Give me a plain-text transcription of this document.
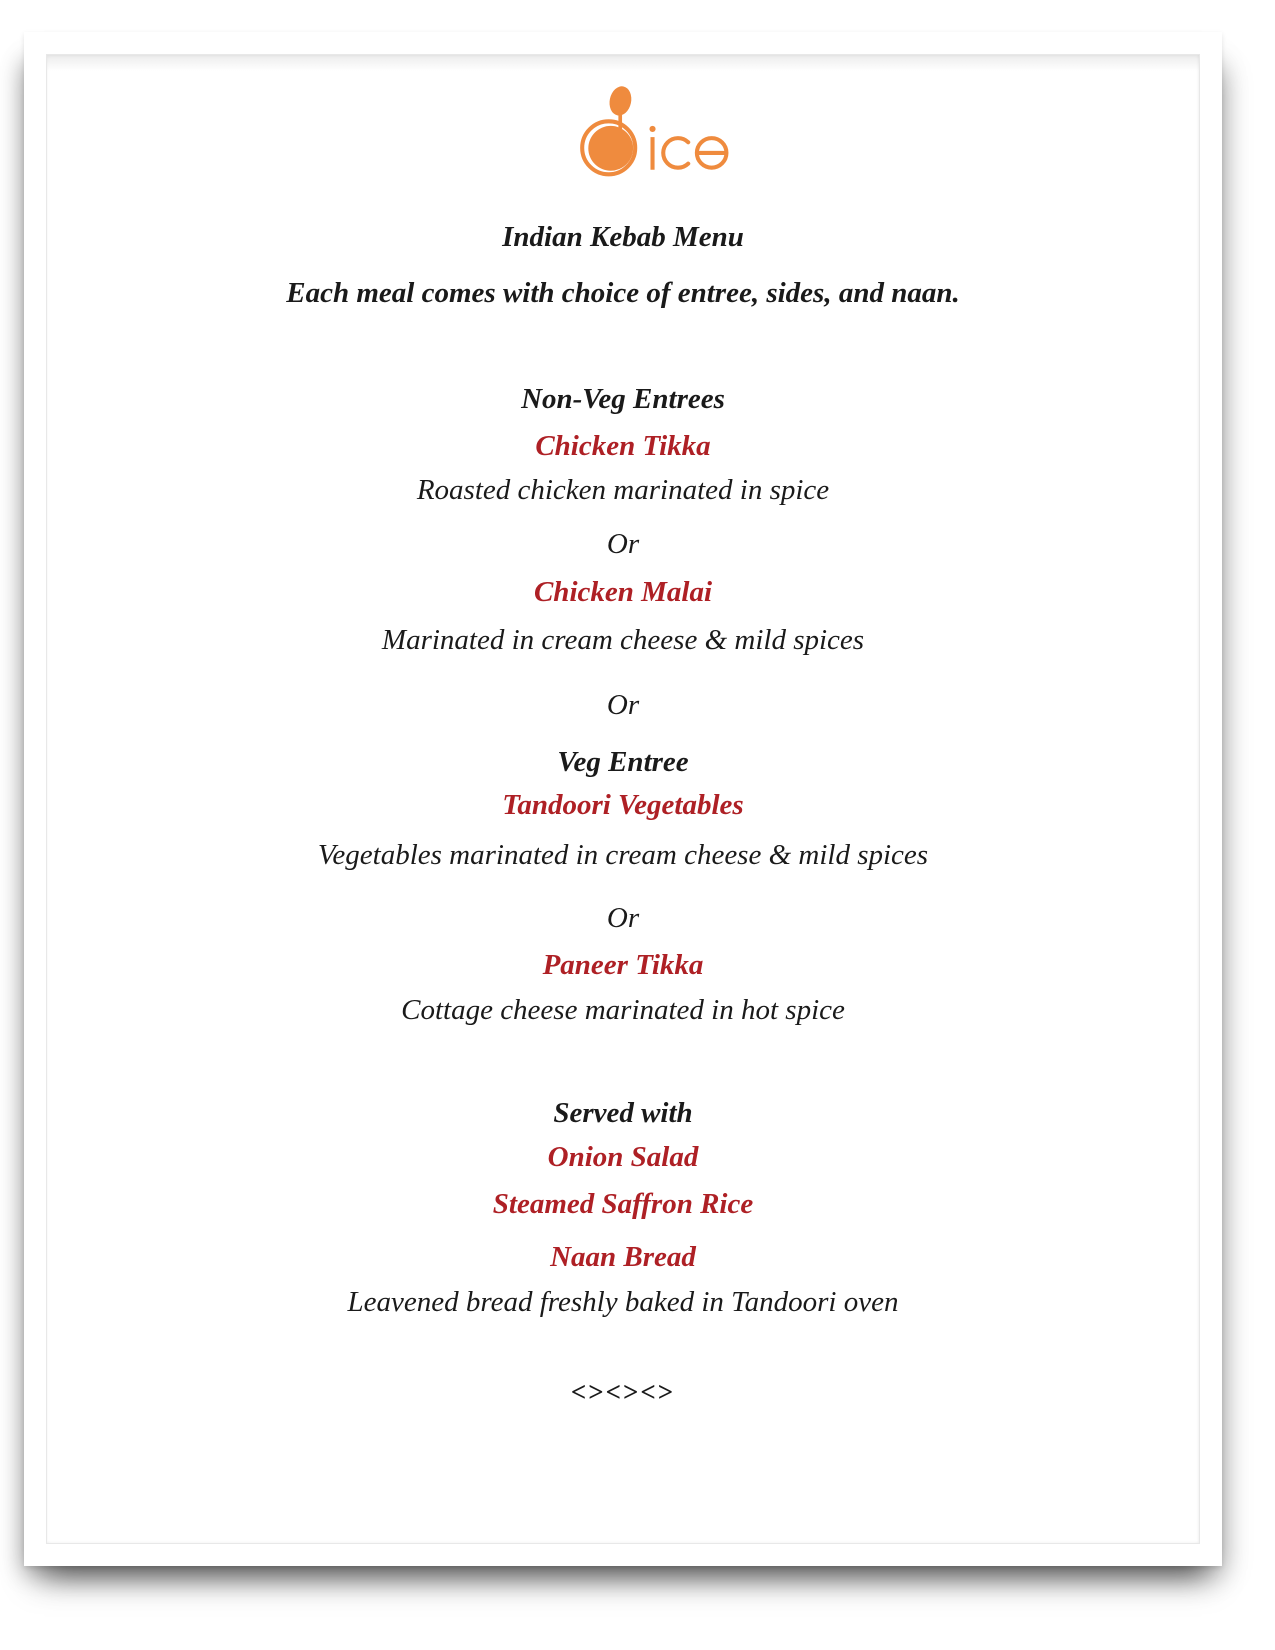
Indian Kebab Menu
Each meal comes with choice of entree, sides, and naan.
Non-Veg Entrees
Chicken Tikka
Roasted chicken marinated in spice
Or
Chicken Malai
Marinated in cream cheese & mild spices
Or
Veg Entree
Tandoori Vegetables
Vegetables marinated in cream cheese & mild spices
Or
Paneer Tikka
Cottage cheese marinated in hot spice
Served with
Onion Salad
Steamed Saffron Rice
Naan Bread
Leavened bread freshly baked in Tandoori oven
<><><>
